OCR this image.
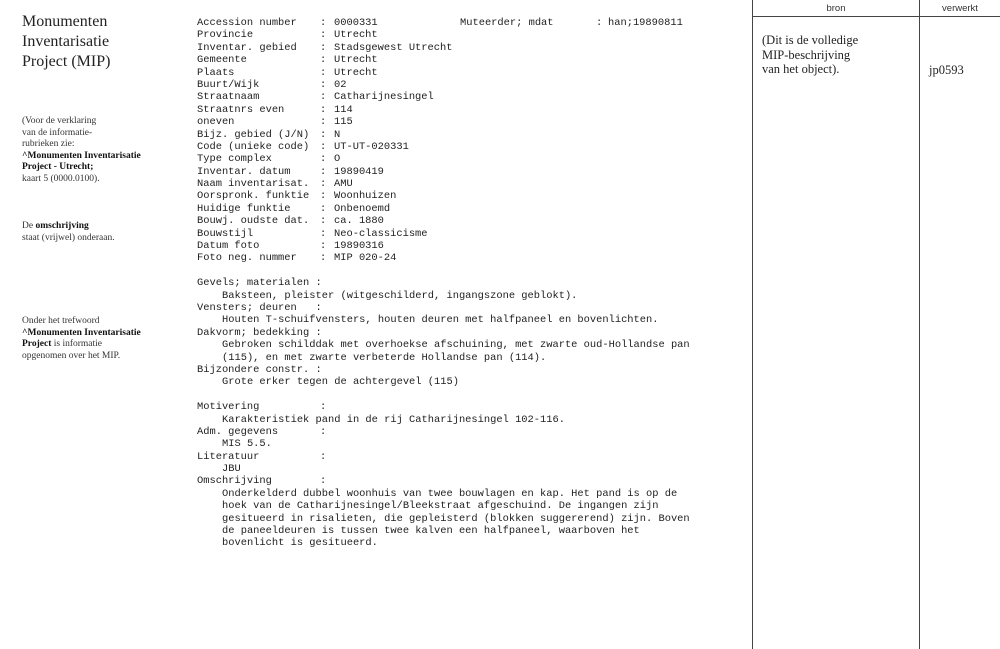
Monumenten
Inventarisatie
Project (MIP)
(Voor de verklaring
van de informatie-
rubrieken zie:
^Monumenten Inventarisatie
Project - Utrecht;
kaart 5 (0000.0100).
De omschrijving
staat (vrijwel) onderaan.
Onder het trefwoord
^Monumenten Inventarisatie
Project is informatie
opgenomen over het MIP.
Accession number	: 0000331	Muteerder; mdat	: han;19890811
Provincie	: Utrecht
Inventar. gebied	: Stadsgewest Utrecht
Gemeente	: Utrecht
Plaats	: Utrecht
Buurt/Wijk	: 02
Straatnaam	: Catharijnesingel
Straatnrs even	: 114
oneven	: 115
Bijz. gebied (J/N)	: N
Code (unieke code)	: UT-UT-020331
Type complex	: O
Inventar. datum	: 19890419
Naam inventarisat.	: AMU
Oorspronk. funktie	: Woonhuizen
Huidige funktie	: Onbenoemd
Bouwj. oudste dat.	: ca. 1880
Bouwstijl	: Neo-classicisme
Datum foto	: 19890316
Foto neg. nummer	: MIP 020-24
Gevels; materialen :
Baksteen, pleister (witgeschilderd, ingangszone geblokt).
Vensters; deuren   :
Houten T-schuifvensters, houten deuren met halfpaneel en bovenlichten.
Dakvorm; bedekking :
Gebroken schilddak met overhoekse afschuining, met zwarte oud-Hollandse pan
(115), en met zwarte verbeterde Hollandse pan (114).
Bijzondere constr. :
Grote erker tegen de achtergevel (115)
Motivering	:
Karakteristiek pand in de rij Catharijnesingel 102-116.
Adm. gegevens	:
MIS 5.5.
Literatuur	:
JBU
Omschrijving	:
Onderkelderd dubbel woonhuis van twee bouwlagen en kap. Het pand is op de
hoek van de Catharijnesingel/Bleekstraat afgeschuind. De ingangen zijn
gesitueerd in risalieten, die gepleisterd (blokken suggererend) zijn. Boven
de paneeldeuren is tussen twee kalven een halfpaneel, waarboven het
bovenlicht is gesitueerd.
bron	verwerkt
(Dit is de volledige
MIP-beschrijving
van het object).	jp0593
